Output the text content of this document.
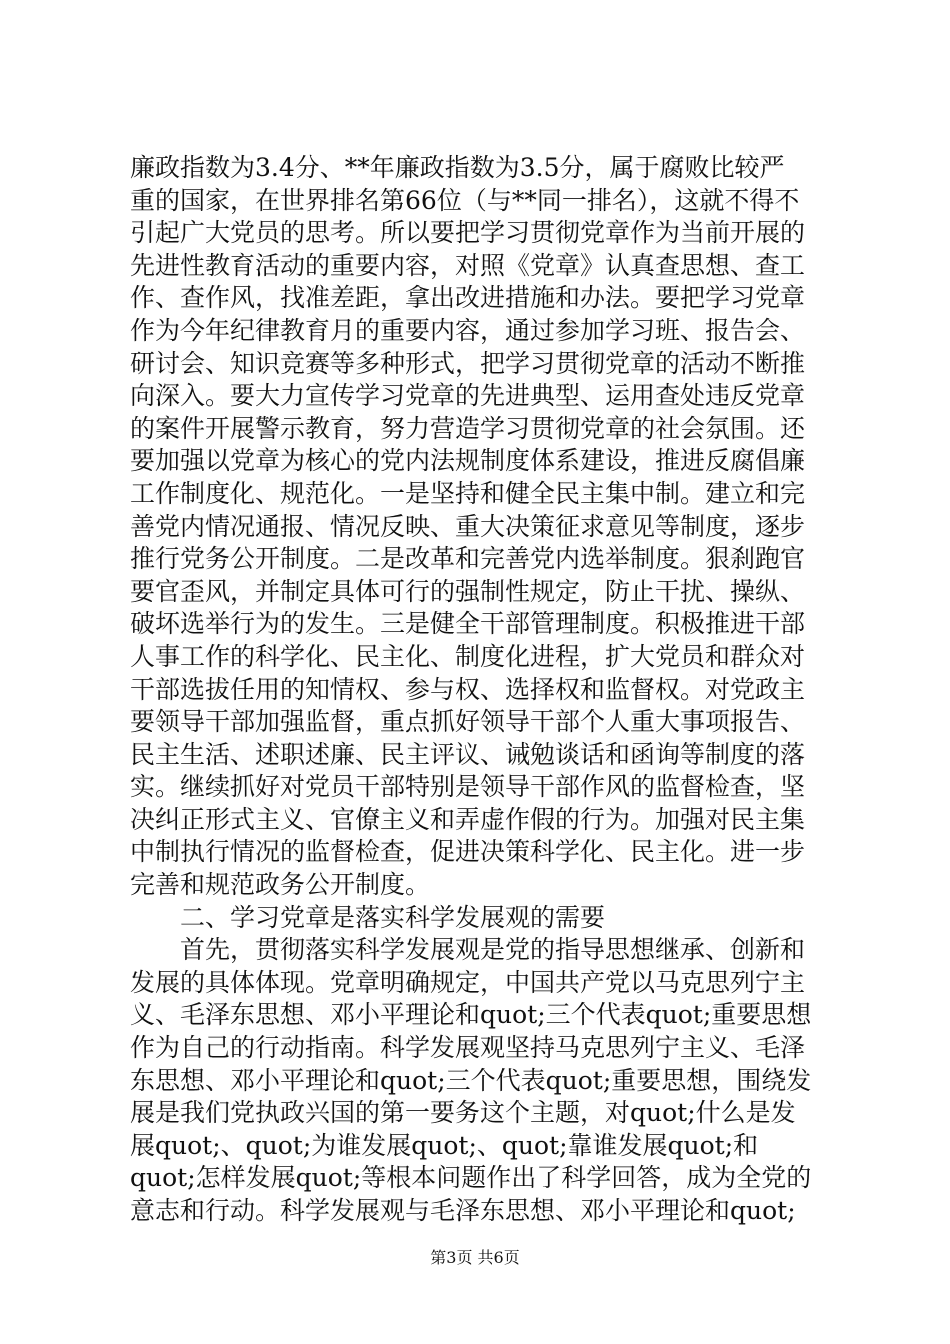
廉政指数为3.4分、**年廉政指数为3.5分，属于腐败比较严
重的国家，在世界排名第66位（与**同一排名），这就不得不
引起广大党员的思考。所以要把学习贯彻党章作为当前开展的
先进性教育活动的重要内容，对照《党章》认真查思想、查工
作、查作风，找准差距，拿出改进措施和办法。要把学习党章
作为今年纪律教育月的重要内容，通过参加学习班、报告会、
研讨会、知识竞赛等多种形式，把学习贯彻党章的活动不断推
向深入。要大力宣传学习党章的先进典型、运用查处违反党章
的案件开展警示教育，努力营造学习贯彻党章的社会氛围。还
要加强以党章为核心的党内法规制度体系建设，推进反腐倡廉
工作制度化、规范化。一是坚持和健全民主集中制。建立和完
善党内情况通报、情况反映、重大决策征求意见等制度，逐步
推行党务公开制度。二是改革和完善党内选举制度。狠刹跑官
要官歪风，并制定具体可行的强制性规定，防止干扰、操纵、
破坏选举行为的发生。三是健全干部管理制度。积极推进干部
人事工作的科学化、民主化、制度化进程，扩大党员和群众对
干部选拔任用的知情权、参与权、选择权和监督权。对党政主
要领导干部加强监督，重点抓好领导干部个人重大事项报告、
民主生活、述职述廉、民主评议、诫勉谈话和函询等制度的落
实。继续抓好对党员干部特别是领导干部作风的监督检查，坚
决纠正形式主义、官僚主义和弄虚作假的行为。加强对民主集
中制执行情况的监督检查，促进决策科学化、民主化。进一步
完善和规范政务公开制度。
二、学习党章是落实科学发展观的需要
首先，贯彻落实科学发展观是党的指导思想继承、创新和
发展的具体体现。党章明确规定，中国共产党以马克思列宁主
义、毛泽东思想、邓小平理论和quot;三个代表quot;重要思想
作为自己的行动指南。科学发展观坚持马克思列宁主义、毛泽
东思想、邓小平理论和quot;三个代表quot;重要思想，围绕发
展是我们党执政兴国的第一要务这个主题，对quot;什么是发
展quot;、quot;为谁发展quot;、quot;靠谁发展quot;和
quot;怎样发展quot;等根本问题作出了科学回答，成为全党的
意志和行动。科学发展观与毛泽东思想、邓小平理论和quot;
第3页 共6页
